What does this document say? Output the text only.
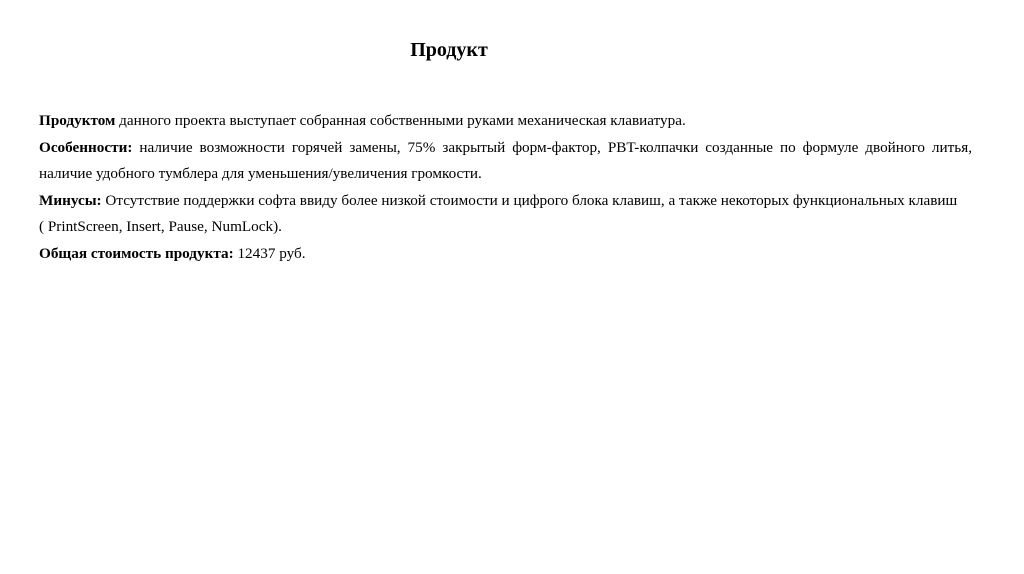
Продукт

Продуктом данного проекта выступает собранная собственными руками механическая клавиатура.

Особенности: наличие возможности горячей замены, 75% закрытый форм-фактор, PBT-колпачки созданные по формуле двойного литья, наличие удобного тумблера для уменьшения/увеличения громкости.

Минусы: Отсутствие поддержки софта ввиду более низкой стоимости и цифрого блока клавиш, а также некоторых функциональных клавиш
( PrintScreen, Insert, Pause, NumLock).

Общая стоимость продукта: 12437 руб.
